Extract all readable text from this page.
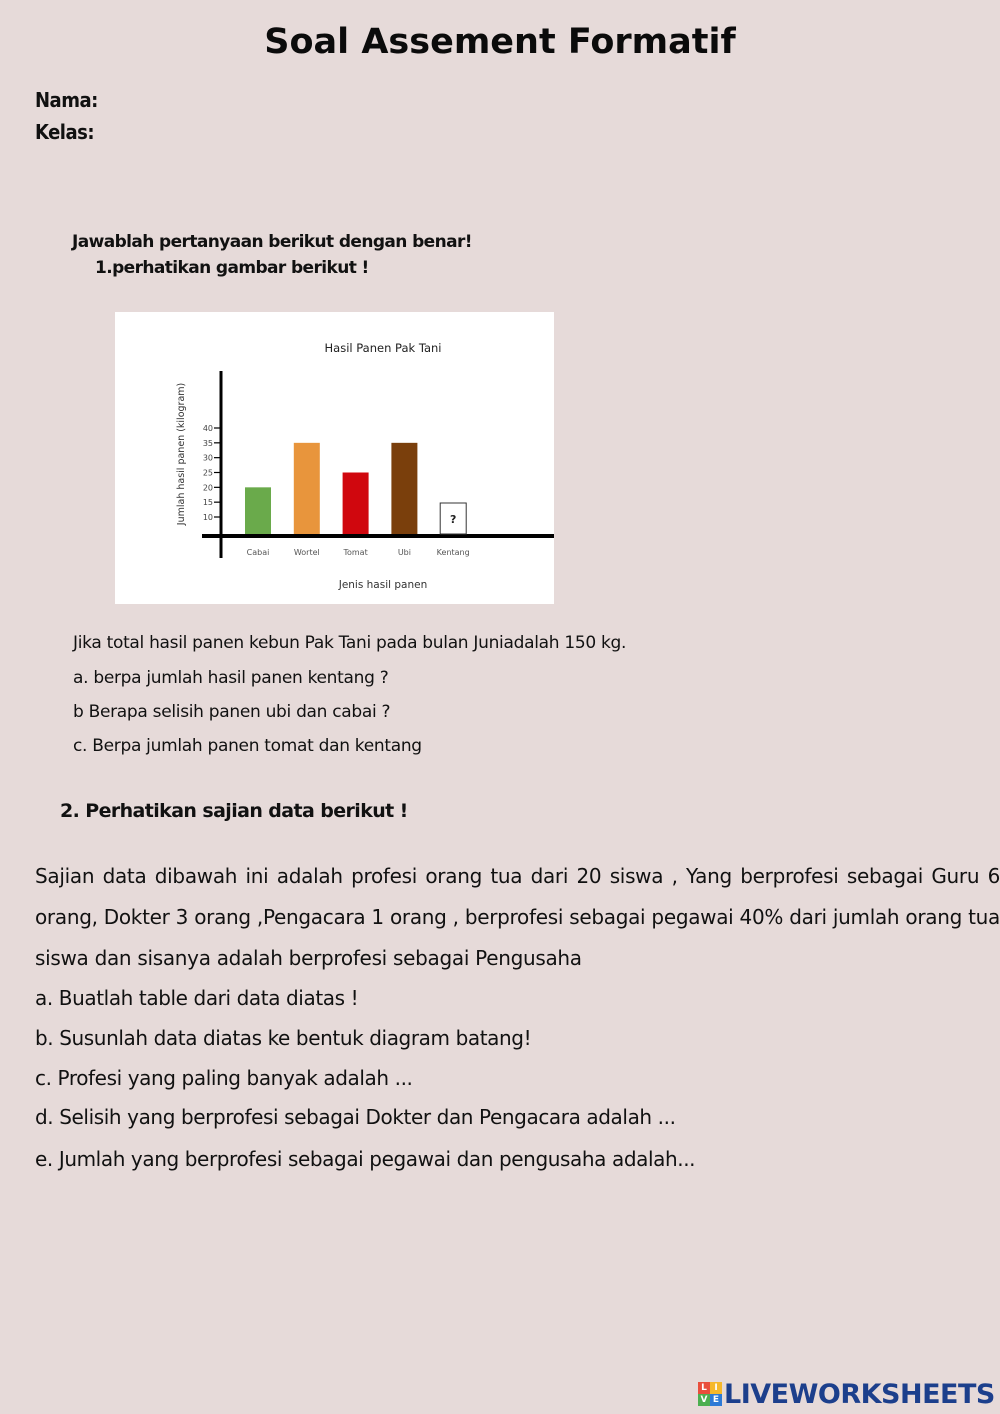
Soal Assement Formatif
Nama:
Kelas:
Jawablah pertanyaan berikut dengan benar!
1.perhatikan gambar berikut !
Hasil Panen Pak Tani
Jumlah hasil panen (kilogram)
Jenis hasil panen
10
15
20
25
30
35
40
?
Cabai	Wortel	Tomat	Ubi	Kentang
Jika total hasil panen kebun Pak Tani pada bulan Juniadalah 150 kg.
a. berpa jumlah hasil panen kentang ?
b Berapa selisih panen ubi dan cabai ?
c. Berpa jumlah panen tomat dan kentang
2. Perhatikan sajian data berikut !
Sajian data dibawah ini adalah profesi orang tua dari 20 siswa , Yang berprofesi sebagai Guru 6 orang, Dokter 3 orang ,Pengacara 1 orang , berprofesi sebagai pegawai 40% dari jumlah orang tua siswa dan sisanya adalah berprofesi sebagai Pengusaha
a. Buatlah table dari data diatas !
b. Susunlah data diatas ke bentuk diagram batang!
c. Profesi yang paling banyak adalah ...
d. Selisih yang berprofesi sebagai Dokter dan Pengacara adalah ...
e. Jumlah yang berprofesi sebagai pegawai dan pengusaha adalah...
L I
V E LIVEWORKSHEETS
